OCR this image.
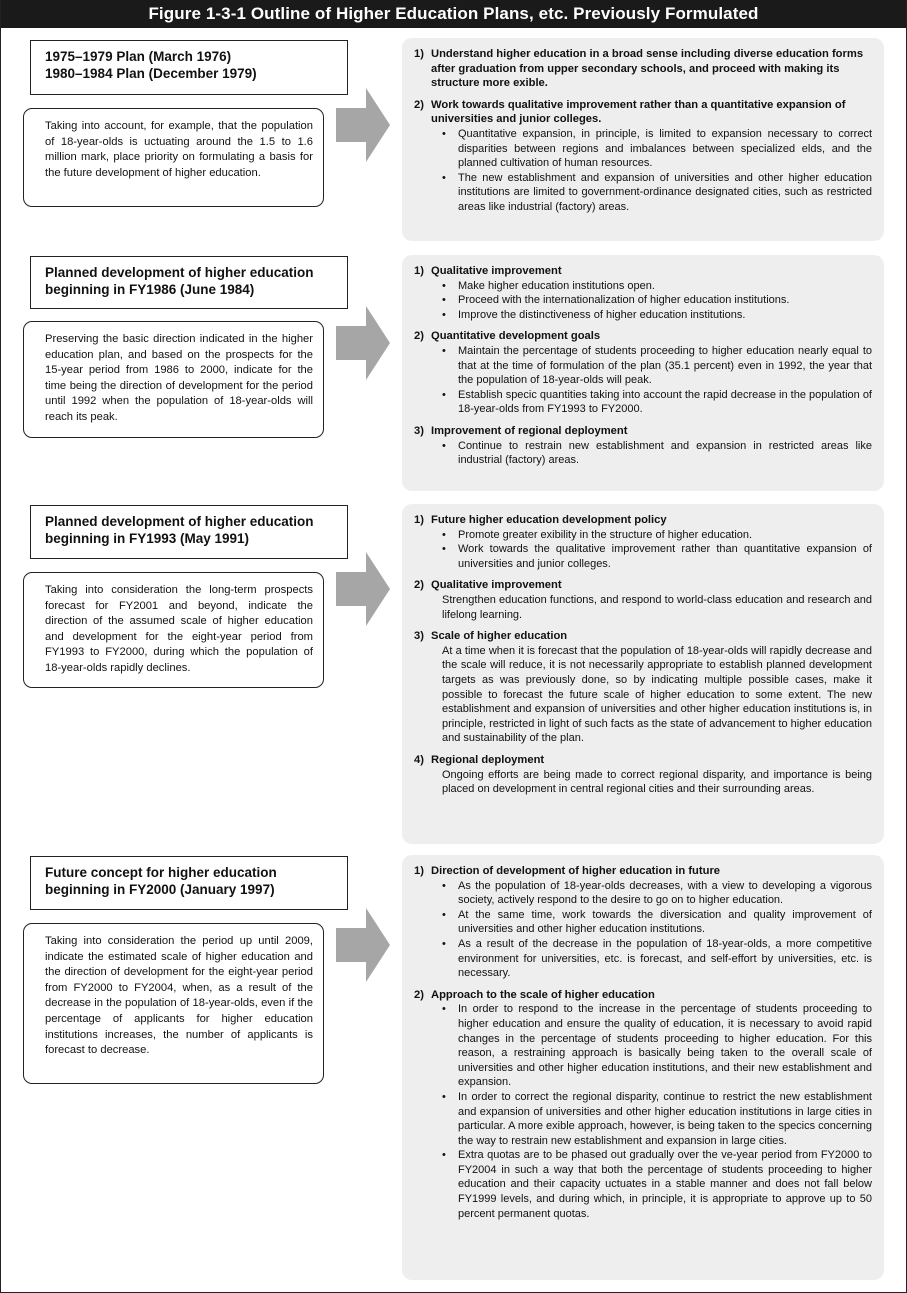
Figure 1-3-1 Outline of Higher Education Plans, etc. Previously Formulated
1975–1979 Plan (March 1976)
1980–1984 Plan (December 1979)
Taking into account, for example, that the population of 18-year-olds is uctuating around the 1.5 to 1.6 million mark, place priority on formulating a basis for the future development of higher education.
1) Understand higher education in a broad sense including diverse education forms after graduation from upper secondary schools, and proceed with making its structure more exible.
2) Work towards qualitative improvement rather than a quantitative expansion of universities and junior colleges.
• Quantitative expansion, in principle, is limited to expansion necessary to correct disparities between regions and imbalances between specialized elds, and the planned cultivation of human resources.
• The new establishment and expansion of universities and other higher education institutions are limited to government-ordinance designated cities, such as restricted areas like industrial (factory) areas.
Planned development of higher education beginning in FY1986 (June 1984)
Preserving the basic direction indicated in the higher education plan, and based on the prospects for the 15-year period from 1986 to 2000, indicate for the time being the direction of development for the period until 1992 when the population of 18-year-olds will reach its peak.
1) Qualitative improvement
• Make higher education institutions open.
• Proceed with the internationalization of higher education institutions.
• Improve the distinctiveness of higher education institutions.
2) Quantitative development goals
• Maintain the percentage of students proceeding to higher education nearly equal to that at the time of formulation of the plan (35.1 percent) even in 1992, the year that the population of 18-year-olds will peak.
• Establish specic quantities taking into account the rapid decrease in the population of 18-year-olds from FY1993 to FY2000.
3) Improvement of regional deployment
• Continue to restrain new establishment and expansion in restricted areas like industrial (factory) areas.
Planned development of higher education beginning in FY1993 (May 1991)
Taking into consideration the long-term prospects forecast for FY2001 and beyond, indicate the direction of the assumed scale of higher education and development for the eight-year period from FY1993 to FY2000, during which the population of 18-year-olds rapidly declines.
1) Future higher education development policy
• Promote greater exibility in the structure of higher education.
• Work towards the qualitative improvement rather than quantitative expansion of universities and junior colleges.
2) Qualitative improvement
Strengthen education functions, and respond to world-class education and research and lifelong learning.
3) Scale of higher education
At a time when it is forecast that the population of 18-year-olds will rapidly decrease and the scale will reduce, it is not necessarily appropriate to establish planned development targets as was previously done, so by indicating multiple possible cases, make it possible to forecast the future scale of higher education to some extent. The new establishment and expansion of universities and other higher education institutions is, in principle, restricted in light of such facts as the state of advancement to higher education and sustainability of the plan.
4) Regional deployment
Ongoing efforts are being made to correct regional disparity, and importance is being placed on development in central regional cities and their surrounding areas.
Future concept for higher education beginning in FY2000 (January 1997)
Taking into consideration the period up until 2009, indicate the estimated scale of higher education and the direction of development for the eight-year period from FY2000 to FY2004, when, as a result of the decrease in the population of 18-year-olds, even if the percentage of applicants for higher education institutions increases, the number of applicants is forecast to decrease.
1) Direction of development of higher education in future
• As the population of 18-year-olds decreases, with a view to developing a vigorous society, actively respond to the desire to go on to higher education.
• At the same time, work towards the diversication and quality improvement of universities and other higher education institutions.
• As a result of the decrease in the population of 18-year-olds, a more competitive environment for universities, etc. is forecast, and self-effort by universities, etc. is necessary.
2) Approach to the scale of higher education
• In order to respond to the increase in the percentage of students proceeding to higher education and ensure the quality of education, it is necessary to avoid rapid changes in the percentage of students proceeding to higher education. For this reason, a restraining approach is basically being taken to the overall scale of universities and other higher education institutions, and their new establishment and expansion.
• In order to correct the regional disparity, continue to restrict the new establishment and expansion of universities and other higher education institutions in large cities in particular. A more exible approach, however, is being taken to the specics concerning the way to restrain new establishment and expansion in large cities.
• Extra quotas are to be phased out gradually over the ve-year period from FY2000 to FY2004 in such a way that both the percentage of students proceeding to higher education and their capacity uctuates in a stable manner and does not fall below FY1999 levels, and during which, in principle, it is appropriate to approve up to 50 percent permanent quotas.
